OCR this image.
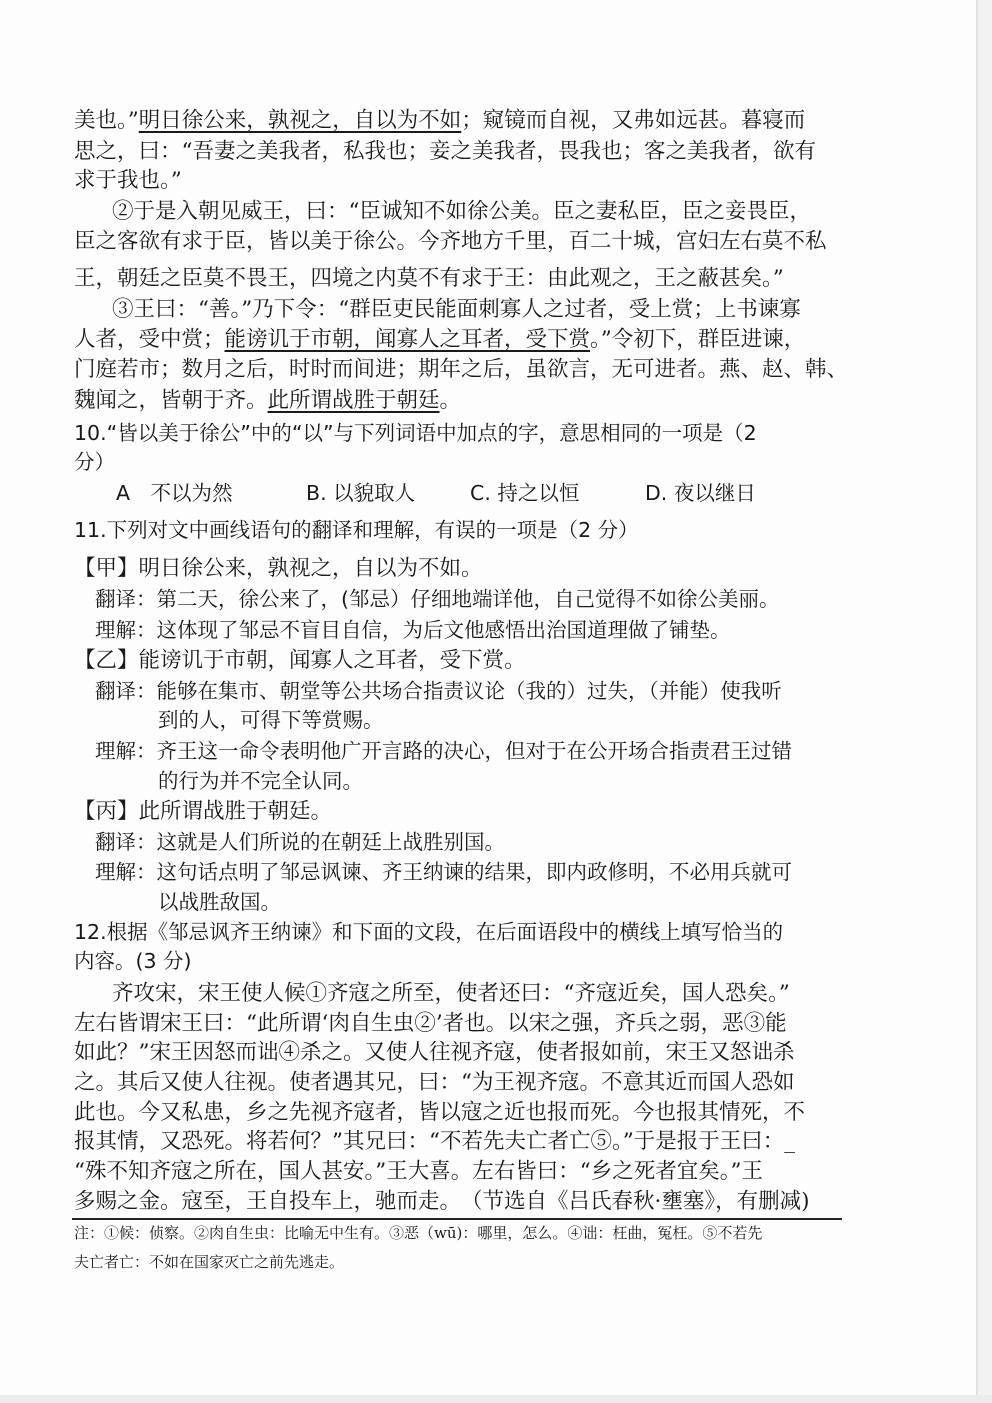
美也。”明日徐公来，孰视之，自以为不如；窥镜而自视，又弗如远甚。暮寝而
思之，曰：“吾妻之美我者，私我也；妾之美我者，畏我也；客之美我者，欲有
求于我也。”
②于是入朝见威王，曰：“臣诚知不如徐公美。臣之妻私臣，臣之妾畏臣，
臣之客欲有求于臣，皆以美于徐公。今齐地方千里，百二十城，宫妇左右莫不私
王，朝廷之臣莫不畏王，四境之内莫不有求于王：由此观之，王之蔽甚矣。”
③王曰：“善。”乃下令：“群臣吏民能面刺寡人之过者，受上赏；上书谏寡
人者，受中赏；能谤讥于市朝，闻寡人之耳者，受下赏。”令初下，群臣进谏，
门庭若市；数月之后，时时而间进；期年之后，虽欲言，无可进者。燕、赵、韩、
魏闻之，皆朝于齐。此所谓战胜于朝廷。
10.“皆以美于徐公”中的“以”与下列词语中加点的字，意思相同的一项是（2
分）
A　不以为然	B. 以貌取人	C. 持之以恒	D. 夜以继日
11.下列对文中画线语句的翻译和理解，有误的一项是（2 分）
【甲】明日徐公来，孰视之，自以为不如。
翻译：第二天，徐公来了，(邹忌）仔细地端详他，自己觉得不如徐公美丽。
理解：这体现了邹忌不盲目自信，为后文他感悟出治国道理做了铺垫。
【乙】能谤讥于市朝，闻寡人之耳者，受下赏。
翻译：能够在集市、朝堂等公共场合指责议论（我的）过失，（并能）使我听
到的人，可得下等赏赐。
理解：齐王这一命令表明他广开言路的决心，但对于在公开场合指责君王过错
的行为并不完全认同。
【丙】此所谓战胜于朝廷。
翻译：这就是人们所说的在朝廷上战胜别国。
理解：这句话点明了邹忌讽谏、齐王纳谏的结果，即内政修明，不必用兵就可
以战胜敌国。
12.根据《邹忌讽齐王纳谏》和下面的文段，在后面语段中的横线上填写恰当的
内容。(3 分)
齐攻宋，宋王使人候①齐寇之所至，使者还曰：“齐寇近矣，国人恐矣。”
左右皆谓宋王曰：“此所谓‘肉自生虫②’者也。以宋之强，齐兵之弱，恶③能
如此？”宋王因怒而诎④杀之。又使人往视齐寇，使者报如前，宋王又怒诎杀
之。其后又使人往视。使者遇其兄，曰：“为王视齐寇。不意其近而国人恐如
此也。今又私患，乡之先视齐寇者，皆以寇之近也报而死。今也报其情死，不
报其情，又恐死。将若何？”其兄曰：“不若先夫亡者亡⑤。”于是报于王曰：_
“殊不知齐寇之所在，国人甚安。”王大喜。左右皆曰：“乡之死者宜矣。”王
多赐之金。寇至，王自投车上，驰而走。　（节选自《吕氏春秋·壅塞》，有删减)
注：①候：侦察。②肉自生虫：比喻无中生有。③恶（wū)：哪里，怎么。④诎：枉曲，冤枉。⑤不若先
夫亡者亡：不如在国家灭亡之前先逃走。
